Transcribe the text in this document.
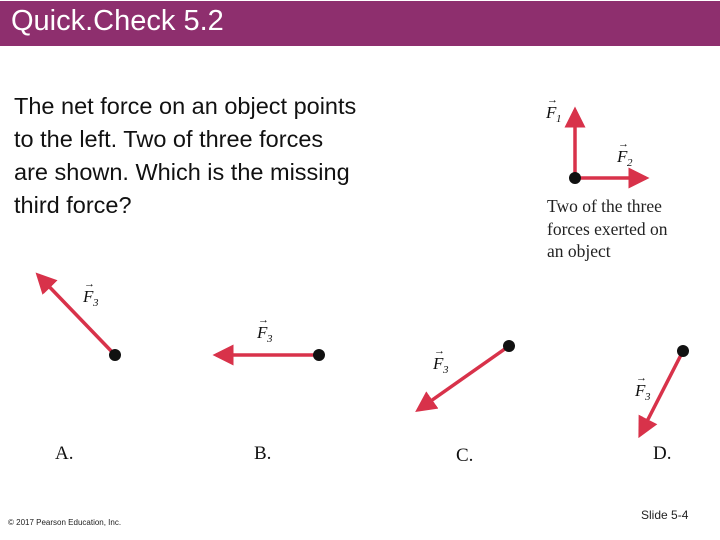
Quick.Check 5.2
The net force on an object points
to the left. Two of three forces
are shown. Which is the missing
third force?
→
F 1
→
F 2
→
F 3
→
F 3
→
F 3
→
F 3
Two of the three
forces exerted on
an object
A.	B.	C.	D.
© 2017 Pearson Education, Inc.
Slide 5-4
